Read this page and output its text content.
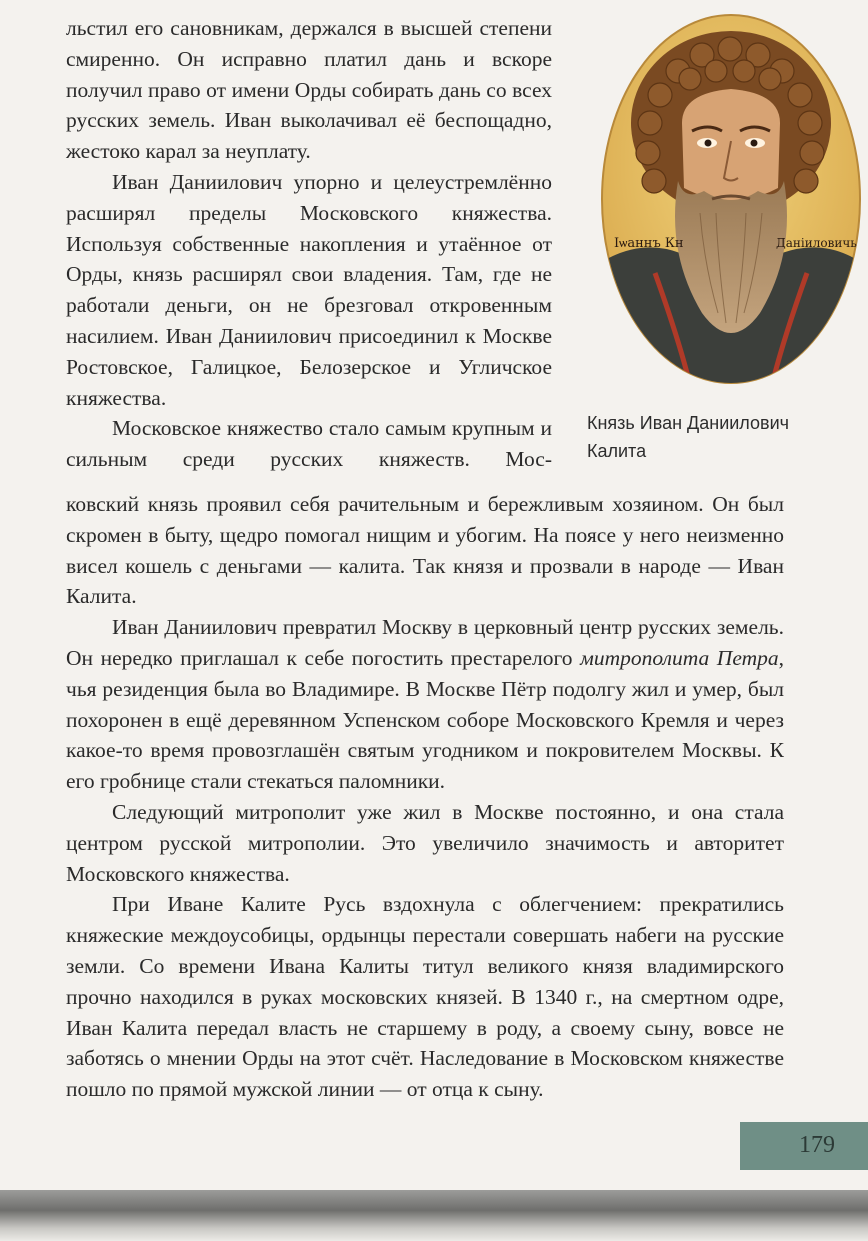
льстил его сановникам, держался в высшей степени смиренно. Он исправно платил дань и вскоре получил право от имени Орды собирать дань со всех русских земель. Иван выколачивал её беспощадно, жестоко карал за неуплату.

Иван Даниилович упорно и целеустремлённо расширял пределы Московского княжества. Используя собственные накопления и утаённое от Орды, князь расширял свои владения. Там, где не работали деньги, он не брезговал откровенным насилием. Иван Даниилович присоединил к Москве Ростовское, Галицкое, Белозерское и Угличское княжества.

Московское княжество стало самым крупным и сильным среди русских княжеств. Мос-

ковский князь проявил себя рачительным и бережливым хозяином. Он был скромен в быту, щедро помогал нищим и убогим. На поясе у него неизменно висел кошель с деньгами — калита. Так князя и прозвали в народе — Иван Калита.

Иван Даниилович превратил Москву в церковный центр русских земель. Он нередко приглашал к себе погостить престарелого митрополита Петра, чья резиденция была во Владимире. В Москве Пётр подолгу жил и умер, был похоронен в ещё деревянном Успенском соборе Московского Кремля и через какое-то время провозглашён святым угодником и покровителем Москвы. К его гробнице стали стекаться паломники.

Следующий митрополит уже жил в Москве постоянно, и она стала центром русской митрополии. Это увеличило значимость и авторитет Московского княжества.

При Иване Калите Русь вздохнула с облегчением: прекратились княжеские междоусобицы, ордынцы перестали совершать набеги на русские земли. Со времени Ивана Калиты титул великого князя владимирского прочно находился в руках московских князей. В 1340 г., на смертном одре, Иван Калита передал власть не старшему в роду, а своему сыну, вовсе не заботясь о мнении Орды на этот счёт. Наследование в Московском княжестве пошло по прямой мужской линии — от отца к сыну.

Іѡаннъ Кн	Даніиловичь

Князь Иван Даниилович Калита

179
